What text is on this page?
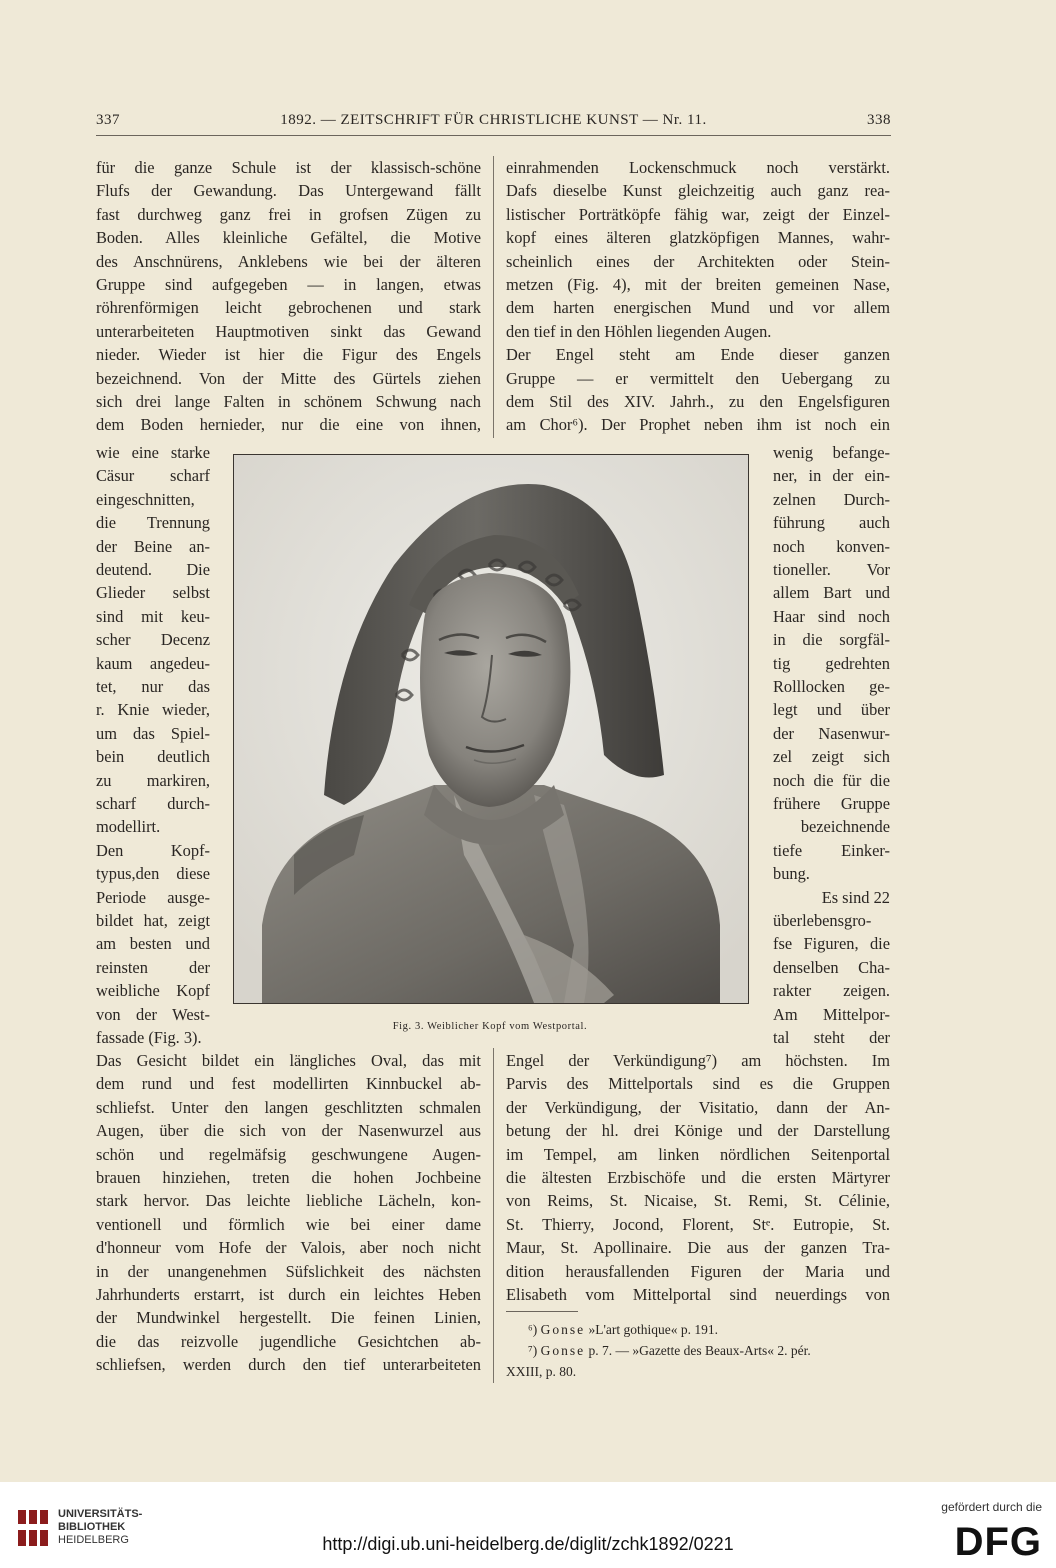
337	1892. — ZEITSCHRIFT FÜR CHRISTLICHE KUNST — Nr. 11.	338
für die ganze Schule ist der klassisch-schöne
Flufs der Gewandung. Das Untergewand fällt
fast durchweg ganz frei in grofsen Zügen zu
Boden. Alles kleinliche Gefältel, die Motive
des Anschnürens, Anklebens wie bei der älteren
Gruppe sind aufgegeben — in langen, etwas
röhrenförmigen leicht gebrochenen und stark
unterarbeiteten Hauptmotiven sinkt das Gewand
nieder. Wieder ist hier die Figur des Engels
bezeichnend. Von der Mitte des Gürtels ziehen
sich drei lange Falten in schönem Schwung nach
dem Boden hernieder, nur die eine von ihnen,
wie eine starke
Cäsur scharf
eingeschnitten,
die Trennung
der Beine an-
deutend. Die
Glieder selbst
sind mit keu-
scher Decenz
kaum angedeu-
tet, nur das
r. Knie wieder,
um das Spiel-
bein deutlich
zu markiren,
scharf durch-
modellirt.
Den Kopf-
typus,den diese
Periode ausge-
bildet hat, zeigt
am besten und
reinsten der
weibliche Kopf
von der West-
fassade (Fig. 3).
Das Gesicht bildet ein längliches Oval, das mit
dem rund und fest modellirten Kinnbuckel ab-
schliefst. Unter den langen geschlitzten schmalen
Augen, über die sich von der Nasenwurzel aus
schön und regelmäfsig geschwungene Augen-
brauen hinziehen, treten die hohen Jochbeine
stark hervor. Das leichte liebliche Lächeln, kon-
ventionell und förmlich wie bei einer dame
d'honneur vom Hofe der Valois, aber noch nicht
in der unangenehmen Süfslichkeit des nächsten
Jahrhunderts erstarrt, ist durch ein leichtes Heben
der Mundwinkel hergestellt. Die feinen Linien,
die das reizvolle jugendliche Gesichtchen ab-
schliefsen, werden durch den tief unterarbeiteten
einrahmenden Lockenschmuck noch verstärkt.
Dafs dieselbe Kunst gleichzeitig auch ganz rea-
listischer Porträtköpfe fähig war, zeigt der Einzel-
kopf eines älteren glatzköpfigen Mannes, wahr-
scheinlich eines der Architekten oder Stein-
metzen (Fig. 4), mit der breiten gemeinen Nase,
dem harten energischen Mund und vor allem
den tief in den Höhlen liegenden Augen.
Der Engel steht am Ende dieser ganzen
Gruppe — er vermittelt den Uebergang zu
dem Stil des XIV. Jahrh., zu den Engelsfiguren
am Chor⁶). Der Prophet neben ihm ist noch ein
wenig befange-
ner, in der ein-
zelnen Durch-
führung auch
noch konven-
tioneller. Vor
allem Bart und
Haar sind noch
in die sorgfäl-
tig gedrehten
Rolllocken ge-
legt und über
der Nasenwur-
zel zeigt sich
noch die für die
frühere Gruppe
bezeichnende
tiefe Einker-
bung.
Es sind 22
überlebensgro-
fse Figuren, die
denselben Cha-
rakter zeigen.
Am Mittelpor-
tal steht der
Engel der Verkündigung⁷) am höchsten. Im
Parvis des Mittelportals sind es die Gruppen
der Verkündigung, der Visitatio, dann der An-
betung der hl. drei Könige und der Darstellung
im Tempel, am linken nördlichen Seitenportal
die ältesten Erzbischöfe und die ersten Märtyrer
von Reims, St. Nicaise, St. Remi, St. Célinie,
St. Thierry, Jocond, Florent, Stᵉ. Eutropie, St.
Maur, St. Apollinaire. Die aus der ganzen Tra-
dition herausfallenden Figuren der Maria und
Elisabeth vom Mittelportal sind neuerdings von
Fig. 3. Weiblicher Kopf vom Westportal.
⁶) Gonse »L'art gothique« p. 191.
⁷) Gonse p. 7. — »Gazette des Beaux-Arts« 2. pér.
XXIII, p. 80.
UNIVERSITÄTS-
BIBLIOTHEK
HEIDELBERG	http://digi.ub.uni-heidelberg.de/diglit/zchk1892/0221
gefördert durch die
DFG
